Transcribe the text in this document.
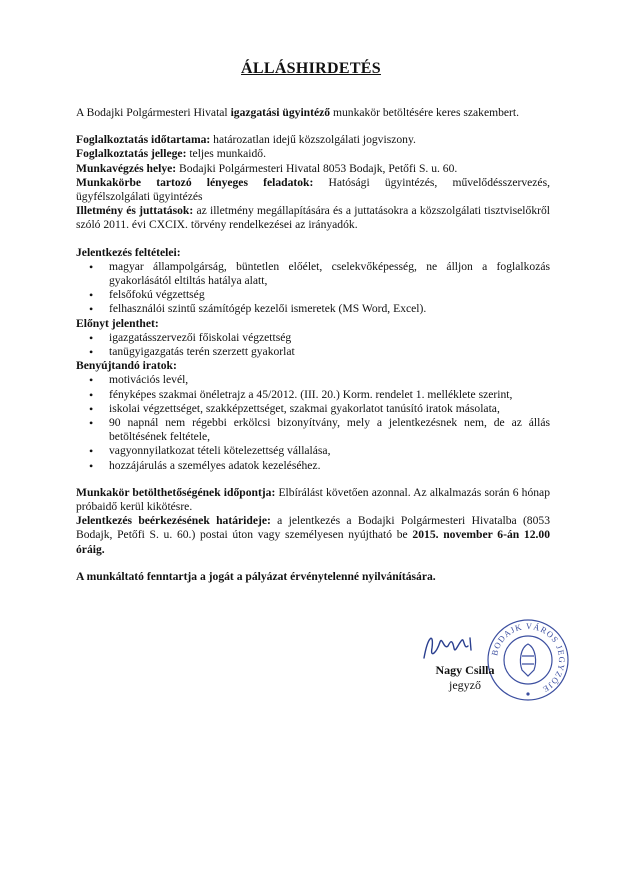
ÁLLÁSHIRDETÉS

A Bodajki Polgármesteri Hivatal igazgatási ügyintéző munkakör betöltésére keres szakembert.

Foglalkoztatás időtartama: határozatlan idejű közszolgálati jogviszony.

Foglalkoztatás jellege: teljes munkaidő.

Munkavégzés helye: Bodajki Polgármesteri Hivatal 8053 Bodajk, Petőfi S. u. 60.

Munkakörbe tartozó lényeges feladatok: Hatósági ügyintézés, művelődésszervezés, ügyfélszolgálati ügyintézés

Illetmény és juttatások: az illetmény megállapítására és a juttatásokra a közszolgálati tisztviselőkről szóló 2011. évi CXCIX. törvény rendelkezései az irányadók.

Jelentkezés feltételei:

• magyar állampolgárság, büntetlen előélet, cselekvőképesség, ne álljon a foglalkozás gyakorlásától eltiltás hatálya alatt,
• felsőfokú végzettség
• felhasználói szintű számítógép kezelői ismeretek (MS Word, Excel).

Előnyt jelenthet:

• igazgatásszervezői főiskolai végzettség
• tanügyigazgatás terén szerzett gyakorlat

Benyújtandó iratok:

• motivációs levél,
• fényképes szakmai önéletrajz a 45/2012. (III. 20.) Korm. rendelet 1. melléklete szerint,
• iskolai végzettséget, szakképzettséget, szakmai gyakorlatot tanúsító iratok másolata,
• 90 napnál nem régebbi erkölcsi bizonyítvány, mely a jelentkezésnek nem, de az állás betöltésének feltétele,
• vagyonnyilatkozat tételi kötelezettség vállalása,
• hozzájárulás a személyes adatok kezeléséhez.

Munkakör betölthetőségének időpontja: Elbírálást követően azonnal. Az alkalmazás során 6 hónap próbaidő kerül kikötésre.

Jelentkezés beérkezésének határideje: a jelentkezés a Bodajki Polgármesteri Hivatalba (8053 Bodajk, Petőfi S. u. 60.) postai úton vagy személyesen nyújtható be 2015. november 6-án 12.00 óráig.

A munkáltató fenntartja a jogát a pályázat érvénytelenné nyilvánítására.

BODAJK VÁROS JEGYZŐJE
Nagy Csilla
jegyző
